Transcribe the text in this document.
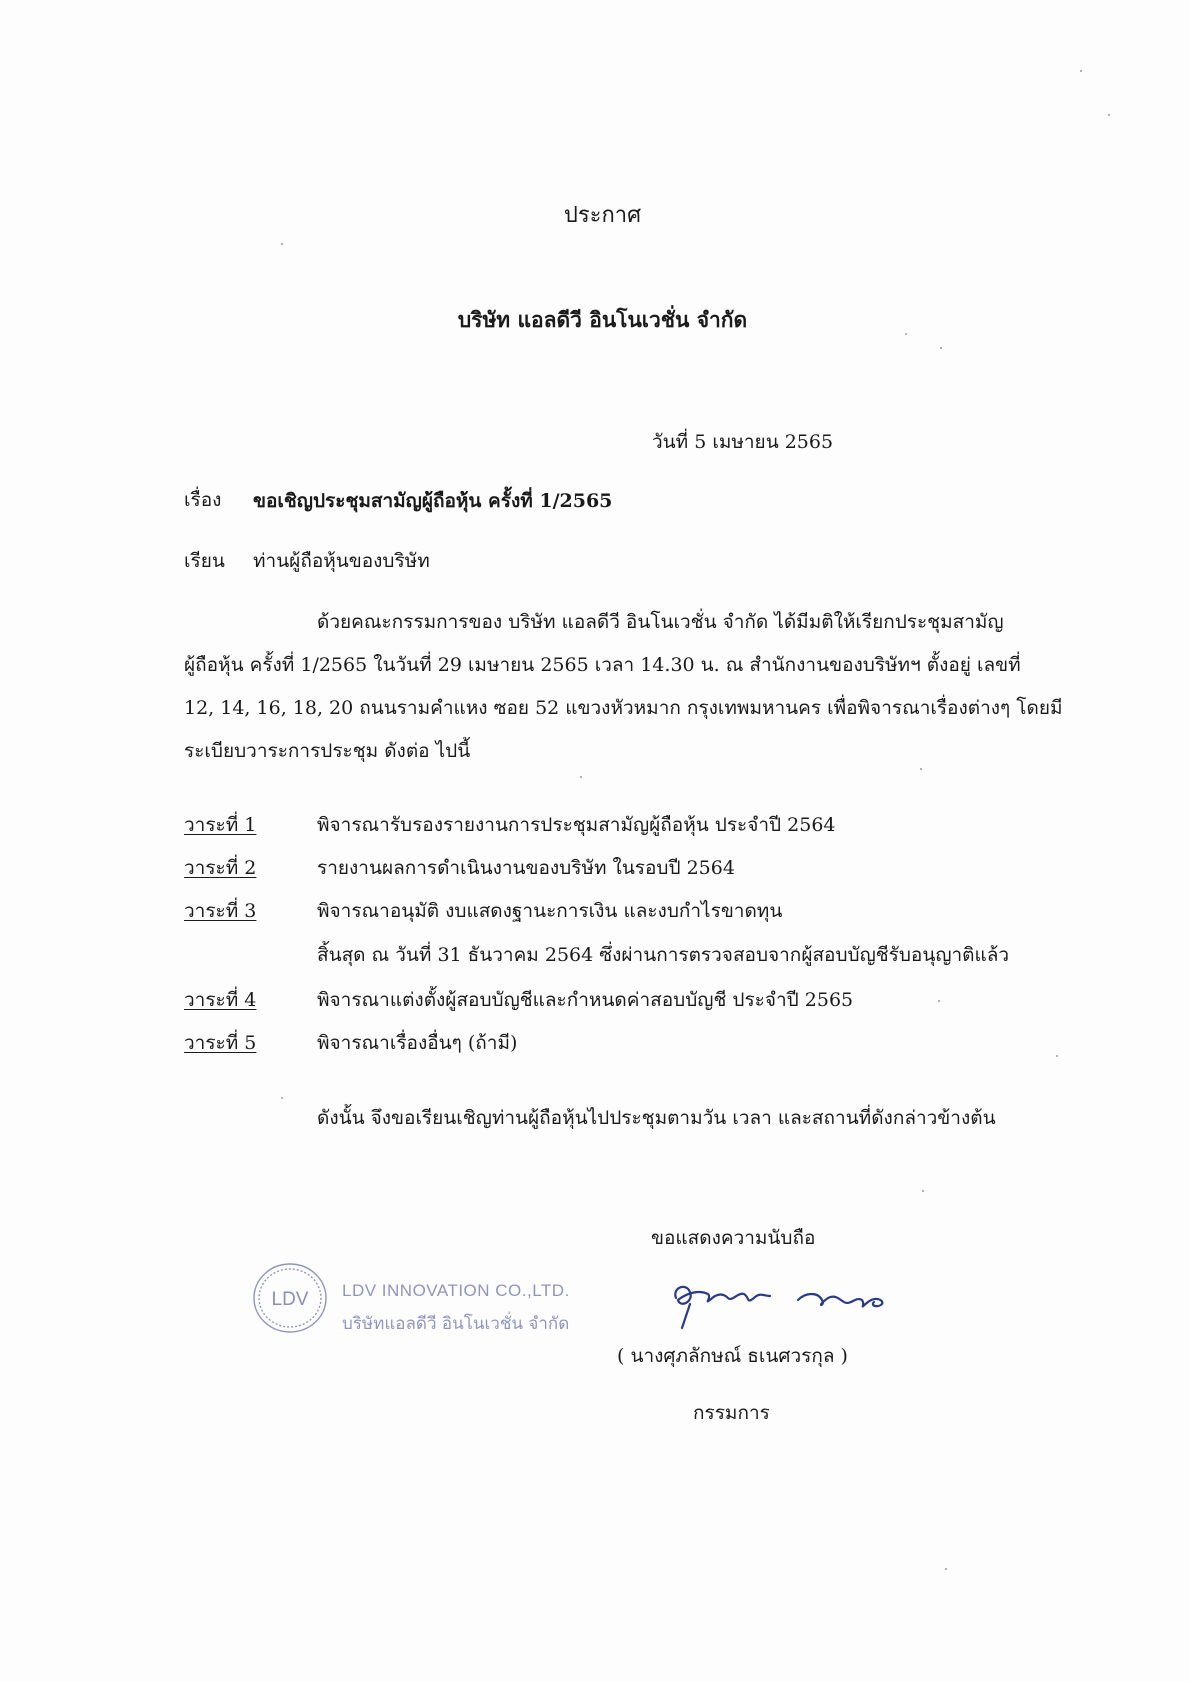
ประกาศ
บริษัท แอลดีวี อินโนเวชั่น จำกัด
วันที่ 5 เมษายน 2565
เรื่อง ขอเชิญประชุมสามัญผู้ถือหุ้น ครั้งที่ 1/2565
เรียน ท่านผู้ถือหุ้นของบริษัท
ด้วยคณะกรรมการของ บริษัท แอลดีวี อินโนเวชั่น จำกัด ได้มีมติให้เรียกประชุมสามัญ
ผู้ถือหุ้น ครั้งที่ 1/2565 ในวันที่ 29 เมษายน 2565 เวลา 14.30 น. ณ สำนักงานของบริษัทฯ ตั้งอยู่ เลขที่
12, 14, 16, 18, 20 ถนนรามคำแหง ซอย 52 แขวงหัวหมาก กรุงเทพมหานคร เพื่อพิจารณาเรื่องต่างๆ โดยมี
ระเบียบวาระการประชุม ดังต่อ ไปนี้
วาระที่ 1	พิจารณารับรองรายงานการประชุมสามัญผู้ถือหุ้น ประจำปี 2564
วาระที่ 2	รายงานผลการดำเนินงานของบริษัท ในรอบปี 2564
วาระที่ 3	พิจารณาอนุมัติ งบแสดงฐานะการเงิน และงบกำไรขาดทุน
สิ้นสุด ณ วันที่ 31 ธันวาคม 2564 ซึ่งผ่านการตรวจสอบจากผู้สอบบัญชีรับอนุญาติแล้ว
วาระที่ 4	พิจารณาแต่งตั้งผู้สอบบัญชีและกำหนดค่าสอบบัญชี ประจำปี 2565
วาระที่ 5	พิจารณาเรื่องอื่นๆ (ถ้ามี)
ดังนั้น จึงขอเรียนเชิญท่านผู้ถือหุ้นไปประชุมตามวัน เวลา และสถานที่ดังกล่าวข้างต้น
ขอแสดงความนับถือ
LDV LDV INNOVATION CO.,LTD.
บริษัทแอลดีวี อินโนเวชั่น จำกัด
( นางศุภลักษณ์ ธเนศวรกุล )
กรรมการ
